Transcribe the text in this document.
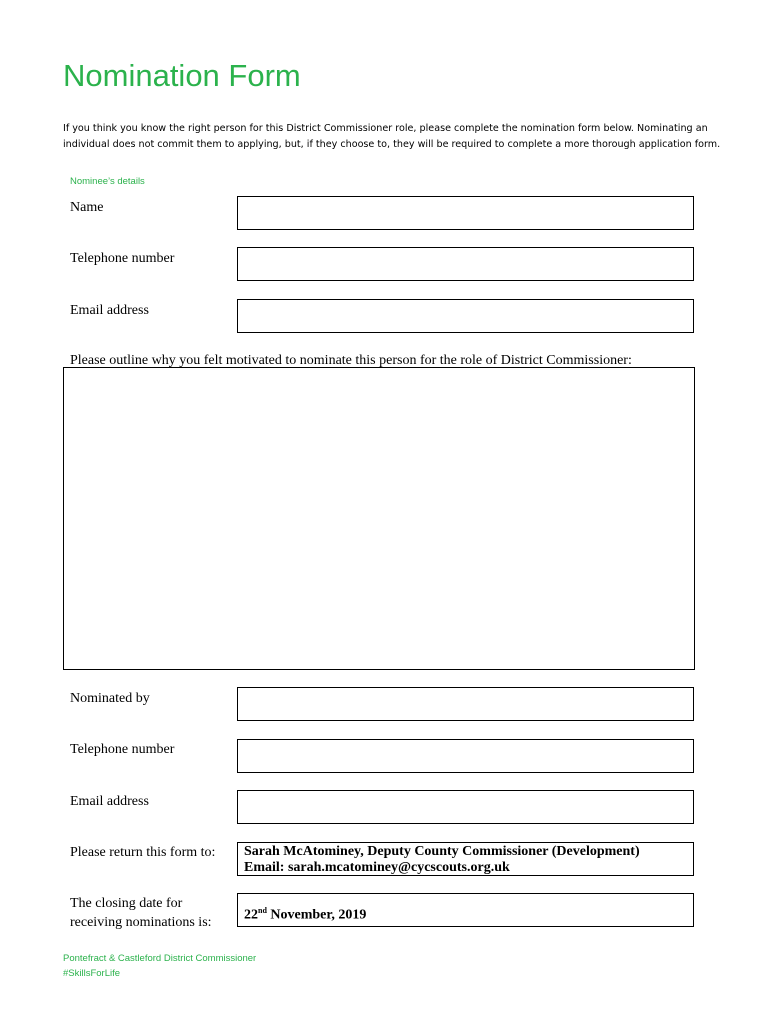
Nomination Form
If you think you know the right person for this District Commissioner role, please complete the nomination form below. Nominating an individual does not commit them to applying, but, if they choose to, they will be required to complete a more thorough application form.
Nominee’s details
Name
Telephone number
Email address
Please outline why you felt motivated to nominate this person for the role of District Commissioner:
Nominated by
Telephone number
Email address
Please return this form to: Sarah McAtominey, Deputy County Commissioner (Development)
Email: sarah.mcatominey@cycscouts.org.uk
The closing date for
receiving nominations is: 22nd November, 2019
Pontefract & Castleford District Commissioner
#SkillsForLife
